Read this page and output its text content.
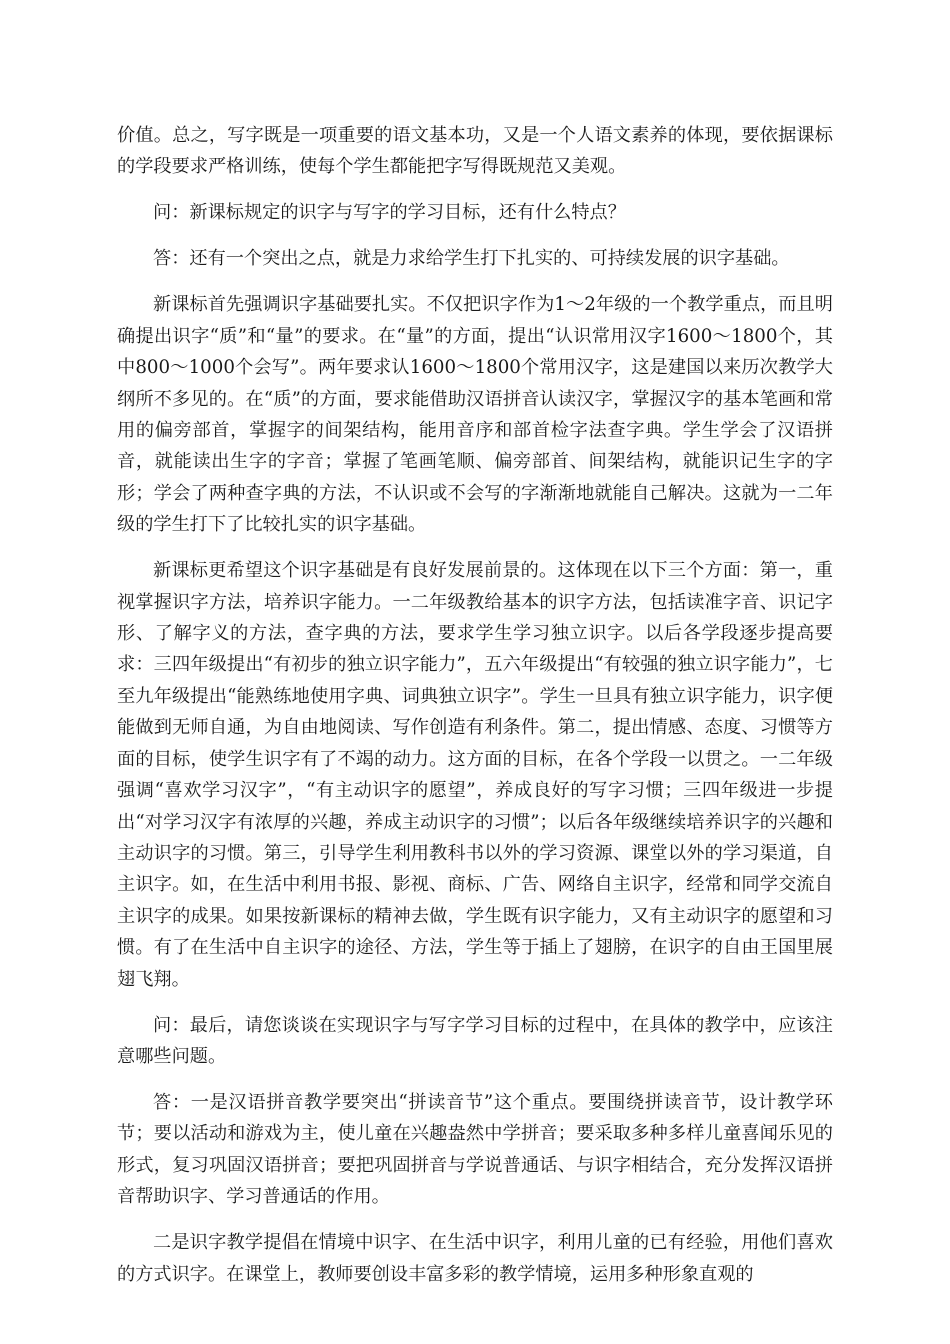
价值。总之，写字既是一项重要的语文基本功，又是一个人语文素养的体现，要依据课标的学段要求严格训练，使每个学生都能把字写得既规范又美观。

问：新课标规定的识字与写字的学习目标，还有什么特点？

答：还有一个突出之点，就是力求给学生打下扎实的、可持续发展的识字基础。

新课标首先强调识字基础要扎实。不仅把识字作为1～2年级的一个教学重点，而且明确提出识字“质”和“量”的要求。在“量”的方面，提出“认识常用汉字1600～1800个，其中800～1000个会写”。两年要求认1600～1800个常用汉字，这是建国以来历次教学大纲所不多见的。在“质”的方面，要求能借助汉语拼音认读汉字，掌握汉字的基本笔画和常用的偏旁部首，掌握字的间架结构，能用音序和部首检字法查字典。学生学会了汉语拼音，就能读出生字的字音；掌握了笔画笔顺、偏旁部首、间架结构，就能识记生字的字形；学会了两种查字典的方法，不认识或不会写的字渐渐地就能自己解决。这就为一二年级的学生打下了比较扎实的识字基础。

新课标更希望这个识字基础是有良好发展前景的。这体现在以下三个方面：第一，重视掌握识字方法，培养识字能力。一二年级教给基本的识字方法，包括读准字音、识记字形、了解字义的方法，查字典的方法，要求学生学习独立识字。以后各学段逐步提高要求：三四年级提出“有初步的独立识字能力”，五六年级提出“有较强的独立识字能力”，七至九年级提出“能熟练地使用字典、词典独立识字”。学生一旦具有独立识字能力，识字便能做到无师自通，为自由地阅读、写作创造有利条件。第二，提出情感、态度、习惯等方面的目标，使学生识字有了不竭的动力。这方面的目标，在各个学段一以贯之。一二年级强调“喜欢学习汉字”，“有主动识字的愿望”，养成良好的写字习惯；三四年级进一步提出“对学习汉字有浓厚的兴趣，养成主动识字的习惯”；以后各年级继续培养识字的兴趣和主动识字的习惯。第三，引导学生利用教科书以外的学习资源、课堂以外的学习渠道，自主识字。如，在生活中利用书报、影视、商标、广告、网络自主识字，经常和同学交流自主识字的成果。如果按新课标的精神去做，学生既有识字能力，又有主动识字的愿望和习惯。有了在生活中自主识字的途径、方法，学生等于插上了翅膀，在识字的自由王国里展翅飞翔。

问：最后，请您谈谈在实现识字与写字学习目标的过程中，在具体的教学中，应该注意哪些问题。

答：一是汉语拼音教学要突出“拼读音节”这个重点。要围绕拼读音节，设计教学环节；要以活动和游戏为主，使儿童在兴趣盎然中学拼音；要采取多种多样儿童喜闻乐见的形式，复习巩固汉语拼音；要把巩固拼音与学说普通话、与识字相结合，充分发挥汉语拼音帮助识字、学习普通话的作用。

二是识字教学提倡在情境中识字、在生活中识字，利用儿童的已有经验，用他们喜欢的方式识字。在课堂上，教师要创设丰富多彩的教学情境，运用多种形象直观的
